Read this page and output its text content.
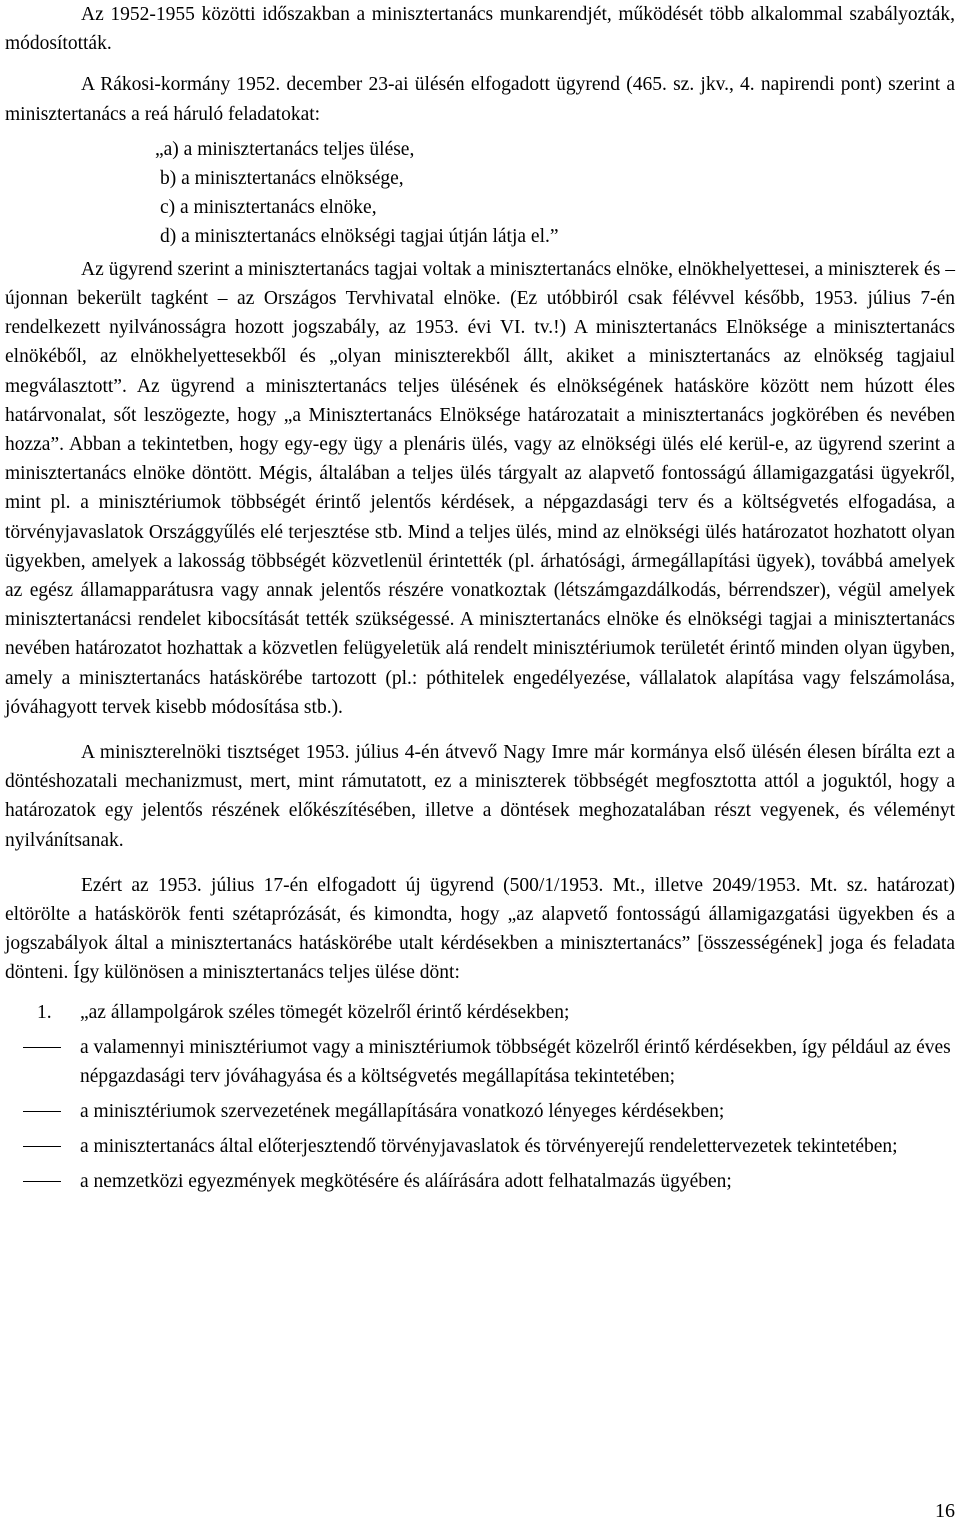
Az 1952-1955 közötti időszakban a minisztertanács munkarendjét, működését több alkalommal szabályozták, módosították.

A Rákosi-kormány 1952. december 23-ai ülésén elfogadott ügyrend (465. sz. jkv., 4. napirendi pont) szerint a minisztertanács a reá háruló feladatokat:

„a) a minisztertanács teljes ülése,
b) a minisztertanács elnöksége,
c) a minisztertanács elnöke,
d) a minisztertanács elnökségi tagjai útján látja el.”

Az ügyrend szerint a minisztertanács tagjai voltak a minisztertanács elnöke, elnökhelyettesei, a miniszterek és – újonnan bekerült tagként – az Országos Tervhivatal elnöke. (Ez utóbbiról csak félévvel később, 1953. július 7-én rendelkezett nyilvánosságra hozott jogszabály, az 1953. évi VI. tv.!) A minisztertanács Elnöksége a minisztertanács elnökéből, az elnökhelyettesekből és „olyan miniszterekből állt, akiket a minisztertanács az elnökség tagjaiul megválasztott”. Az ügyrend a minisztertanács teljes ülésének és elnökségének hatásköre között nem húzott éles határvonalat, sőt leszögezte, hogy „a Minisztertanács Elnöksége határozatait a minisztertanács jogkörében és nevében hozza”. Abban a tekintetben, hogy egy-egy ügy a plenáris ülés, vagy az elnökségi ülés elé kerül-e, az ügyrend szerint a minisztertanács elnöke döntött. Mégis, általában a teljes ülés tárgyalt az alapvető fontosságú államigazgatási ügyekről, mint pl. a minisztériumok többségét érintő jelentős kérdések, a népgazdasági terv és a költségvetés elfogadása, a törvényjavaslatok Országgyűlés elé terjesztése stb. Mind a teljes ülés, mind az elnökségi ülés határozatot hozhatott olyan ügyekben, amelyek a lakosság többségét közvetlenül érintették (pl. árhatósági, ármegállapítási ügyek), továbbá amelyek az egész államapparátusra vagy annak jelentős részére vonatkoztak (létszámgazdálkodás, bérrendszer), végül amelyek minisztertanácsi rendelet kibocsítását tették szükségessé. A minisztertanács elnöke és elnökségi tagjai a minisztertanács nevében határozatot hozhattak a közvetlen felügyeletük alá rendelt minisztériumok területét érintő minden olyan ügyben, amely a minisztertanács hatáskörébe tartozott (pl.: póthitelek engedélyezése, vállalatok alapítása vagy felszámolása, jóváhagyott tervek kisebb módosítása stb.).

A miniszterelnöki tisztséget 1953. július 4-én átvevő Nagy Imre már kormánya első ülésén élesen bírálta ezt a döntéshozatali mechanizmust, mert, mint rámutatott, ez a miniszterek többségét megfosztotta attól a joguktól, hogy a határozatok egy jelentős részének előkészítésében, illetve a döntések meghozatalában részt vegyenek, és véleményt nyilvánítsanak.

Ezért az 1953. július 17-én elfogadott új ügyrend (500/1/1953. Mt., illetve 2049/1953. Mt. sz. határozat) eltörölte a hatáskörök fenti szétaprózását, és kimondta, hogy „az alapvető fontosságú államigazgatási ügyekben és a jogszabályok által a minisztertanács hatáskörébe utalt kérdésekben a minisztertanács” [összességének] joga és feladata dönteni. Így különösen a minisztertanács teljes ülése dönt:

1. „az állampolgárok széles tömegét közelről érintő kérdésekben;
a valamennyi minisztériumot vagy a minisztériumok többségét közelről érintő kérdésekben, így például az éves népgazdasági terv jóváhagyása és a költségvetés megállapítása tekintetében;
a minisztériumok szervezetének megállapítására vonatkozó lényeges kérdésekben;
a minisztertanács által előterjesztendő törvényjavaslatok és törvényerejű rendelettervezetek tekintetében;
a nemzetközi egyezmények megkötésére és aláírására adott felhatalmazás ügyében;
16
